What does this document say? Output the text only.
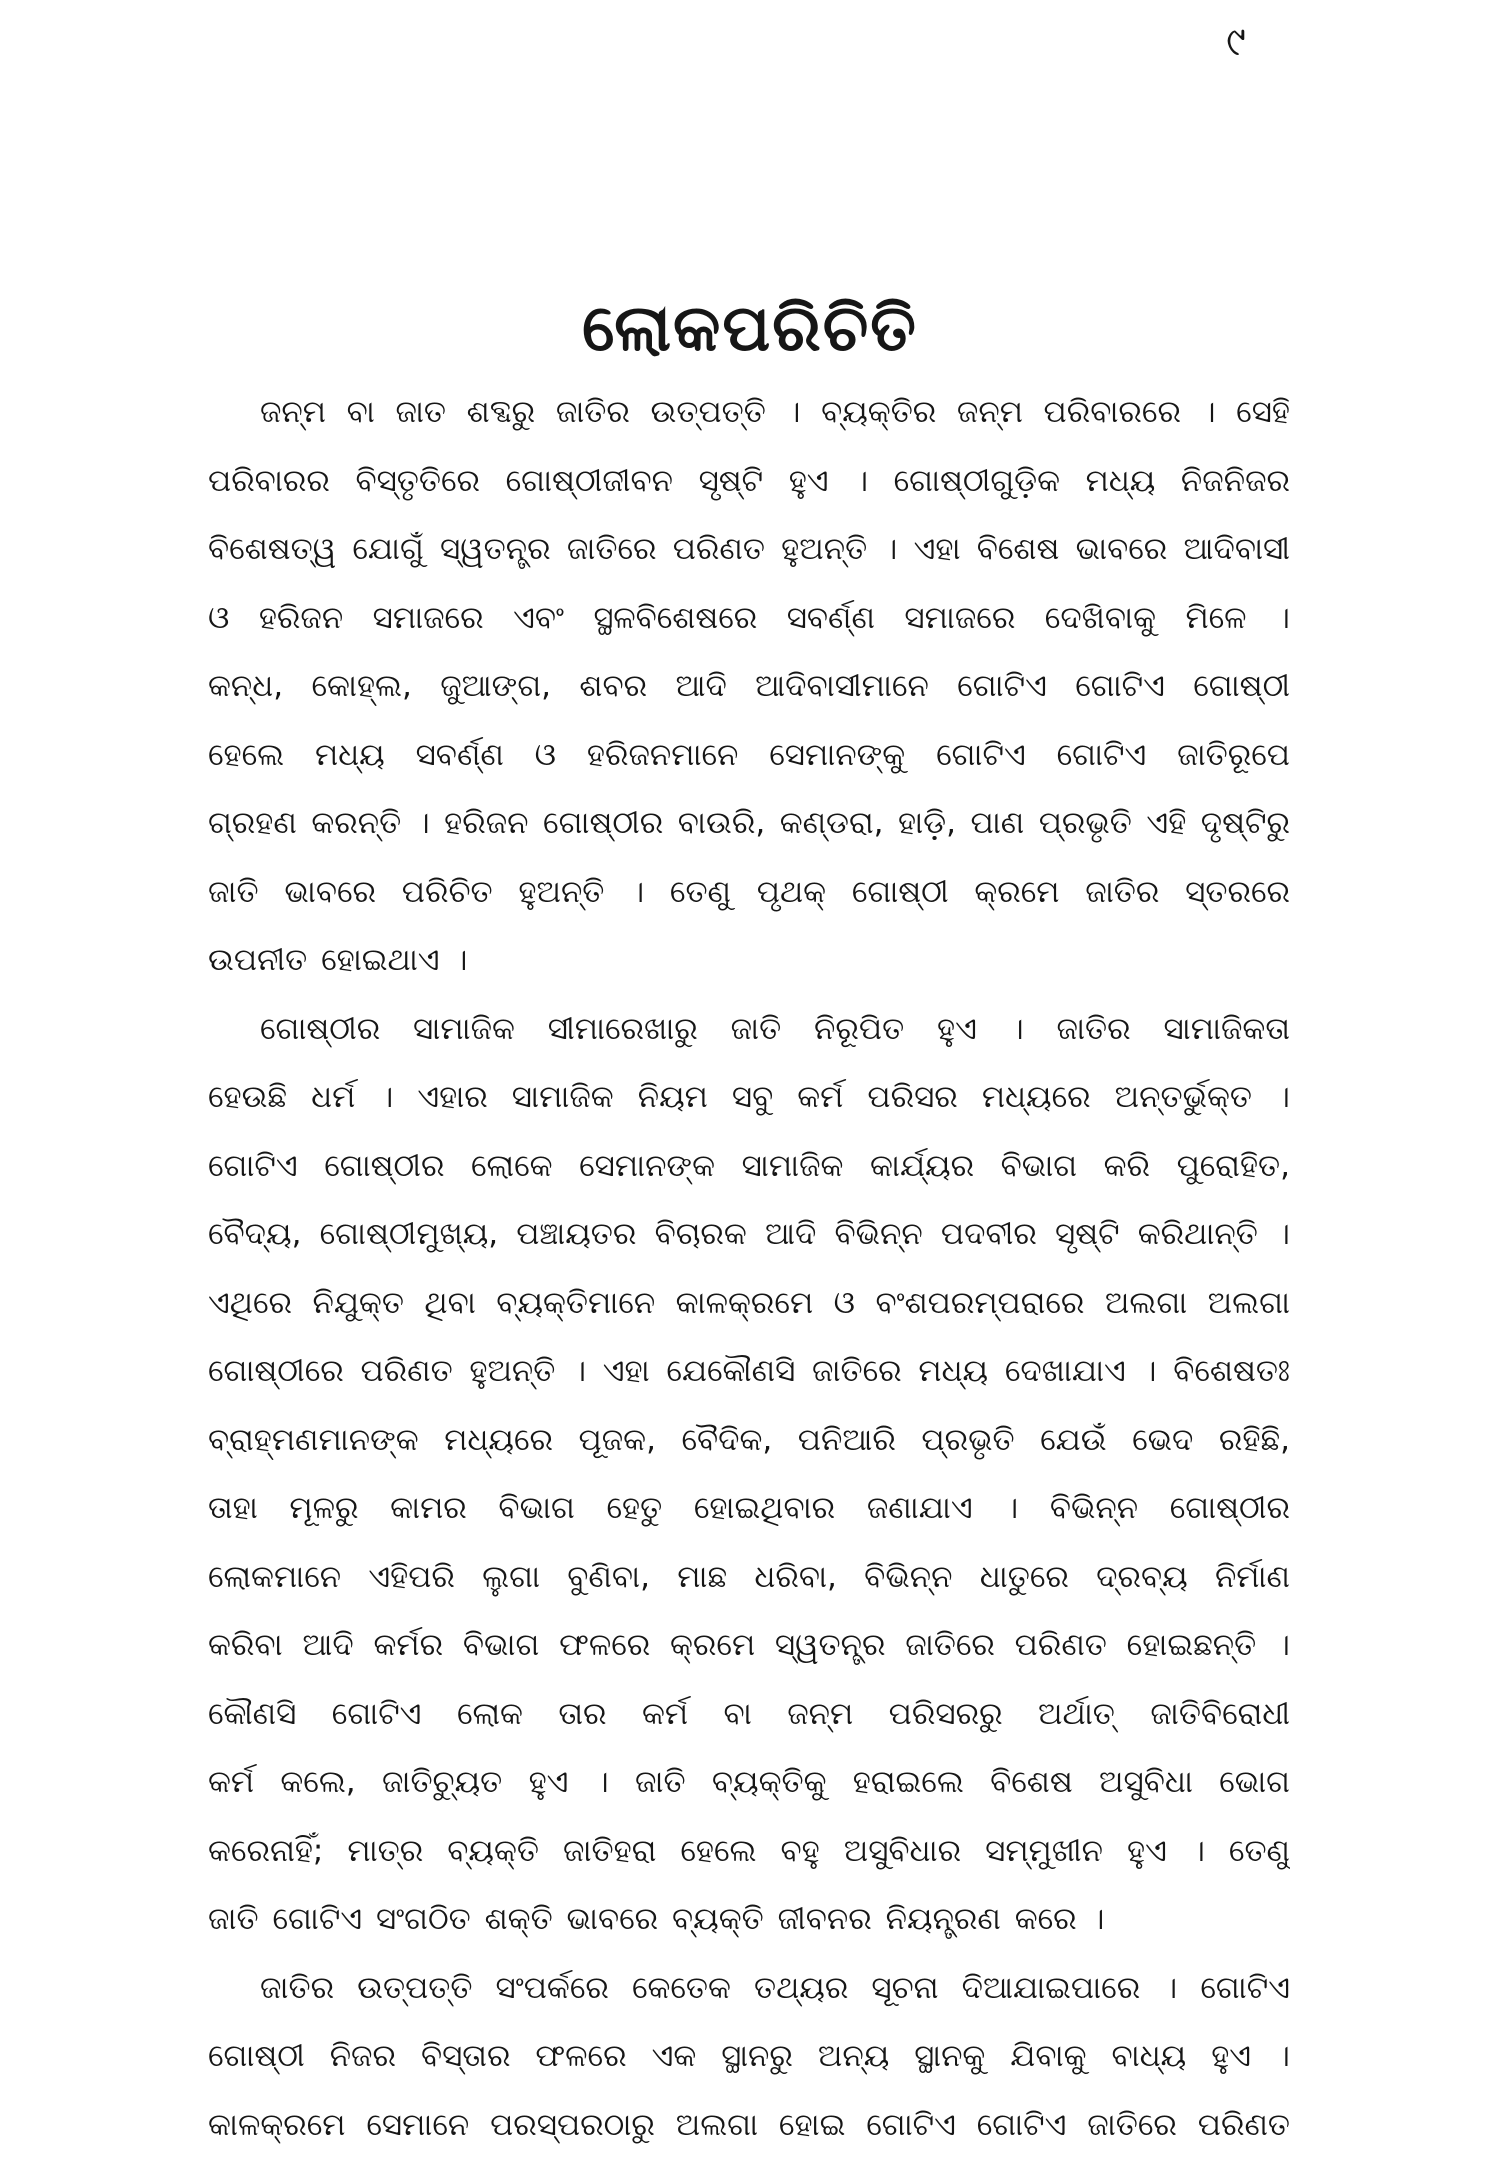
୯
ଲୋକପରିଚିତି
ଜନ୍ମ ବା ଜାତ ଶବ୍ଦରୁ ଜାତିର ଉତ୍ପତ୍ତି । ବ୍ୟକ୍ତିର ଜନ୍ମ ପରିବାରରେ । ସେହି
ପରିବାରର ବିସ୍ତୃତିରେ ଗୋଷ୍ଠୀଜୀବନ ସୃଷ୍ଟି ହୁଏ । ଗୋଷ୍ଠୀଗୁଡ଼ିକ ମଧ୍ୟ ନିଜନିଜର
ବିଶେଷତ୍ୱ ଯୋଗୁଁ ସ୍ୱତନ୍ତ୍ର ଜାତିରେ ପରିଣତ ହୁଅନ୍ତି । ଏହା ବିଶେଷ ଭାବରେ ଆଦିବାସୀ
ଓ ହରିଜନ ସମାଜରେ ଏବଂ ସ୍ଥଳବିଶେଷରେ ସବର୍ଣ୍ଣ ସମାଜରେ ଦେଖିବାକୁ ମିଳେ ।
କନ୍ଧ, କୋହ୍ଲ, ଜୁଆଙ୍ଗ, ଶବର ଆଦି ଆଦିବାସୀମାନେ ଗୋଟିଏ ଗୋଟିଏ ଗୋଷ୍ଠୀ
ହେଲେ ମଧ୍ୟ ସବର୍ଣ୍ଣ ଓ ହରିଜନମାନେ ସେମାନଙ୍କୁ ଗୋଟିଏ ଗୋଟିଏ ଜାତିରୂପେ
ଗ୍ରହଣ କରନ୍ତି । ହରିଜନ ଗୋଷ୍ଠୀର ବାଉରି, କଣ୍ଡରା, ହାଡ଼ି, ପାଣ ପ୍ରଭୃତି ଏହି ଦୃଷ୍ଟିରୁ
ଜାତି ଭାବରେ ପରିଚିତ ହୁଅନ୍ତି । ତେଣୁ ପୃଥକ୍ ଗୋଷ୍ଠୀ କ୍ରମେ ଜାତିର ସ୍ତରରେ
ଉପନୀତ ହୋଇଥାଏ ।
ଗୋଷ୍ଠୀର ସାମାଜିକ ସୀମାରେଖାରୁ ଜାତି ନିରୂପିତ ହୁଏ । ଜାତିର ସାମାଜିକତା
ହେଉଛି ଧର୍ମ । ଏହାର ସାମାଜିକ ନିୟମ ସବୁ କର୍ମ ପରିସର ମଧ୍ୟରେ ଅନ୍ତର୍ଭୁକ୍ତ ।
ଗୋଟିଏ ଗୋଷ୍ଠୀର ଲୋକେ ସେମାନଙ୍କ ସାମାଜିକ କାର୍ଯ୍ୟର ବିଭାଗ କରି ପୁରୋହିତ,
ବୈଦ୍ୟ, ଗୋଷ୍ଠୀମୁଖ୍ୟ, ପଞ୍ଚାୟତର ବିଚାରକ ଆଦି ବିଭିନ୍ନ ପଦବୀର ସୃଷ୍ଟି କରିଥାନ୍ତି ।
ଏଥିରେ ନିଯୁକ୍ତ ଥିବା ବ୍ୟକ୍ତିମାନେ କାଳକ୍ରମେ ଓ ବଂଶପରମ୍ପରାରେ ଅଲଗା ଅଲଗା
ଗୋଷ୍ଠୀରେ ପରିଣତ ହୁଅନ୍ତି । ଏହା ଯେକୌଣସି ଜାତିରେ ମଧ୍ୟ ଦେଖାଯାଏ । ବିଶେଷତଃ
ବ୍ରାହ୍ମଣମାନଙ୍କ ମଧ୍ୟରେ ପୂଜକ, ବୈଦିକ, ପନିଆରି ପ୍ରଭୃତି ଯେଉଁ ଭେଦ ରହିଛି,
ତାହା ମୂଳରୁ କାମର ବିଭାଗ ହେତୁ ହୋଇଥିବାର ଜଣାଯାଏ । ବିଭିନ୍ନ ଗୋଷ୍ଠୀର
ଲୋକମାନେ ଏହିପରି ଲୁଗା ବୁଣିବା, ମାଛ ଧରିବା, ବିଭିନ୍ନ ଧାତୁରେ ଦ୍ରବ୍ୟ ନିର୍ମାଣ
କରିବା ଆଦି କର୍ମର ବିଭାଗ ଫଳରେ କ୍ରମେ ସ୍ୱତନ୍ତ୍ର ଜାତିରେ ପରିଣତ ହୋଇଛନ୍ତି ।
କୌଣସି ଗୋଟିଏ ଲୋକ ତାର କର୍ମ ବା ଜନ୍ମ ପରିସରରୁ ଅର୍ଥାତ୍ ଜାତିବିରୋଧୀ
କର୍ମ କଲେ, ଜାତିଚ୍ୟୁତ ହୁଏ । ଜାତି ବ୍ୟକ୍ତିକୁ ହରାଇଲେ ବିଶେଷ ଅସୁବିଧା ଭୋଗ
କରେନାହିଁ; ମାତ୍ର ବ୍ୟକ୍ତି ଜାତିହରା ହେଲେ ବହୁ ଅସୁବିଧାର ସମ୍ମୁଖୀନ ହୁଏ । ତେଣୁ
ଜାତି ଗୋଟିଏ ସଂଗଠିତ ଶକ୍ତି ଭାବରେ ବ୍ୟକ୍ତି ଜୀବନର ନିୟନ୍ତ୍ରଣ କରେ ।
ଜାତିର ଉତ୍ପତ୍ତି ସଂପର୍କରେ କେତେକ ତଥ୍ୟର ସୂଚନା ଦିଆଯାଇପାରେ । ଗୋଟିଏ
ଗୋଷ୍ଠୀ ନିଜର ବିସ୍ତାର ଫଳରେ ଏକ ସ୍ଥାନରୁ ଅନ୍ୟ ସ୍ଥାନକୁ ଯିବାକୁ ବାଧ୍ୟ ହୁଏ ।
କାଳକ୍ରମେ ସେମାନେ ପରସ୍ପରଠାରୁ ଅଲଗା ହୋଇ ଗୋଟିଏ ଗୋଟିଏ ଜାତିରେ ପରିଣତ
